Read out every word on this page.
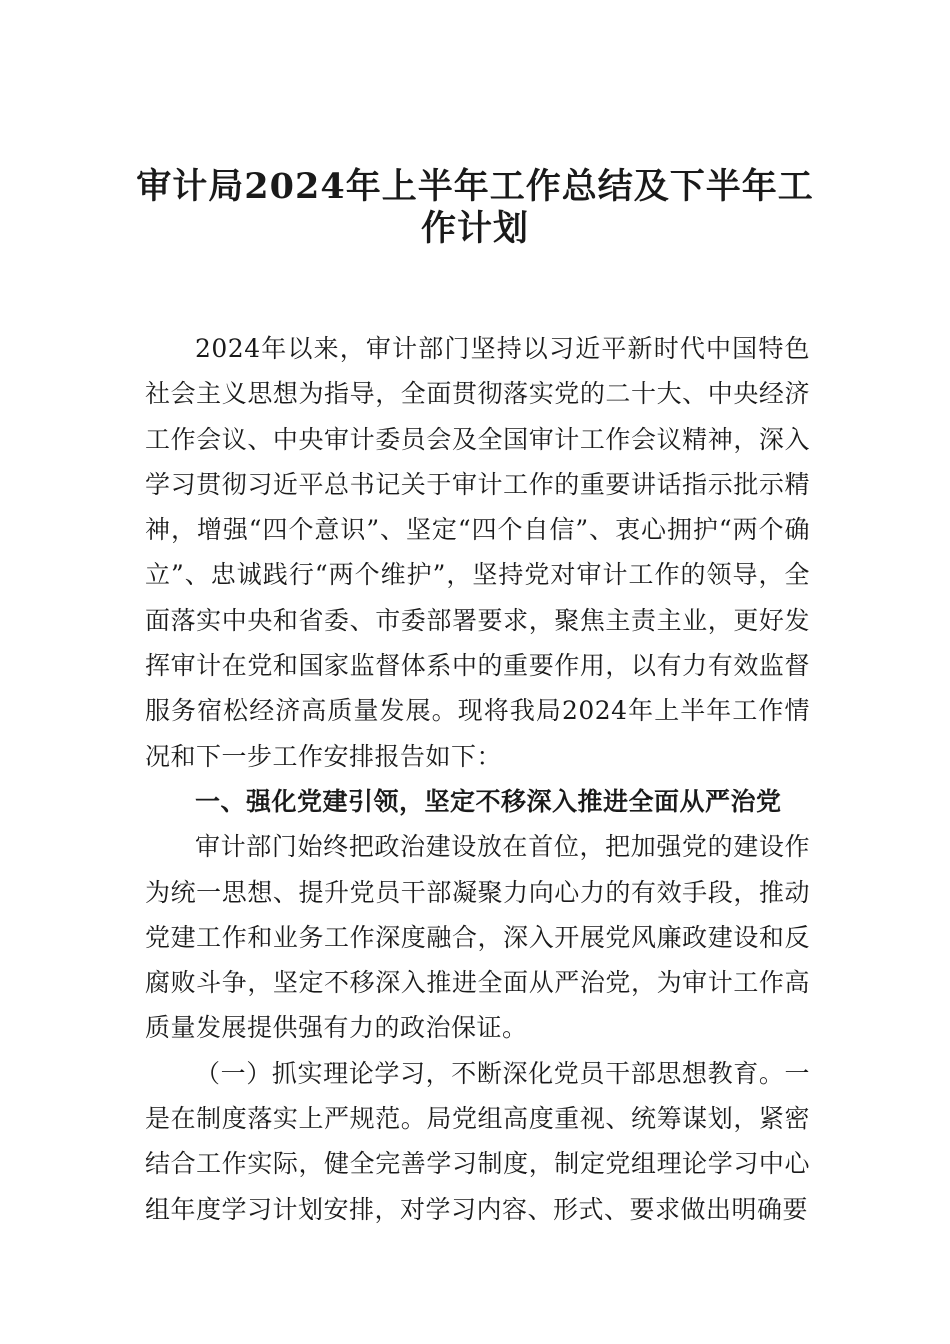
审计局2024年上半年工作总结及下半年工
作计划

2024年以来，审计部门坚持以习近平新时代中国特色社会主义思想为指导，全面贯彻落实党的二十大、中央经济工作会议、中央审计委员会及全国审计工作会议精神，深入学习贯彻习近平总书记关于审计工作的重要讲话指示批示精神，增强“四个意识”、坚定“四个自信”、衷心拥护“两个确立”、忠诚践行“两个维护”，坚持党对审计工作的领导，全面落实中央和省委、市委部署要求，聚焦主责主业，更好发挥审计在党和国家监督体系中的重要作用，以有力有效监督服务宿松经济高质量发展。现将我局2024年上半年工作情况和下一步工作安排报告如下：

一、强化党建引领，坚定不移深入推进全面从严治党

审计部门始终把政治建设放在首位，把加强党的建设作为统一思想、提升党员干部凝聚力向心力的有效手段，推动党建工作和业务工作深度融合，深入开展党风廉政建设和反腐败斗争，坚定不移深入推进全面从严治党，为审计工作高质量发展提供强有力的政治保证。

（一）抓实理论学习，不断深化党员干部思想教育。一是在制度落实上严规范。局党组高度重视、统筹谋划，紧密结合工作实际，健全完善学习制度，制定党组理论学习中心组年度学习计划安排，对学习内容、形式、要求做出明确要
